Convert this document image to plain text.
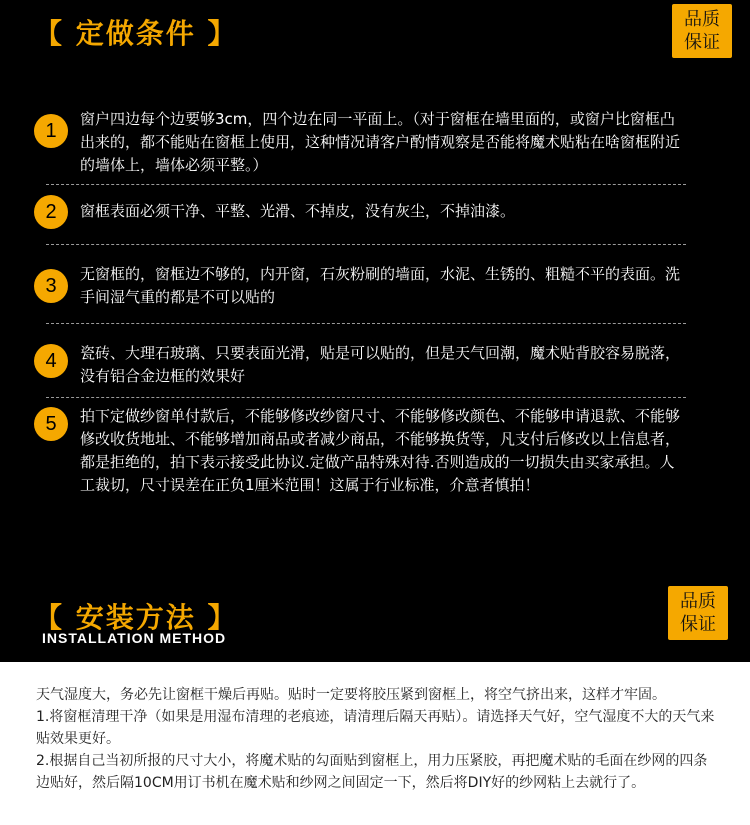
【 定做条件 】	品质
保证
1
窗户四边每个边要够3cm，四个边在同一平面上。（对于窗框在墙里面的，或窗户比窗框凸出来的，都不能贴在窗框上使用，这种情况请客户酌情观察是否能将魔术贴粘在啥窗框附近的墙体上，墙体必须平整。）
2	窗框表面必须干净、平整、光滑、不掉皮，没有灰尘，不掉油漆。
3
无窗框的，窗框边不够的，内开窗，石灰粉刷的墙面，水泥、生锈的、粗糙不平的表面。洗手间湿气重的都是不可以贴的
4	瓷砖、大理石玻璃、只要表面光滑，贴是可以贴的，但是天气回潮，魔术贴背胶容易脱落，没有铝合金边框的效果好
5	拍下定做纱窗单付款后，不能够修改纱窗尺寸、不能够修改颜色、不能够申请退款、不能够修改收货地址、不能够增加商品或者减少商品，不能够换货等，凡支付后修改以上信息者，都是拒绝的，拍下表示接受此协议.定做产品特殊对待.否则造成的一切损失由买家承担。人工裁切，尺寸误差在正负1厘米范围！这属于行业标准，介意者慎拍！
【 安装方法 】
INSTALLATION METHOD
品质
保证

天气湿度大，务必先让窗框干燥后再贴。贴时一定要将胶压紧到窗框上，将空气挤出来，这样才牢固。

1.将窗框清理干净（如果是用湿布清理的老痕迹，请清理后隔天再贴）。请选择天气好，空气湿度不大的天气来贴效果更好。

2.根据自己当初所报的尺寸大小，将魔术贴的勾面贴到窗框上，用力压紧胶，再把魔术贴的毛面在纱网的四条边贴好，然后隔10CM用订书机在魔术贴和纱网之间固定一下，然后将DIY好的纱网粘上去就行了。
